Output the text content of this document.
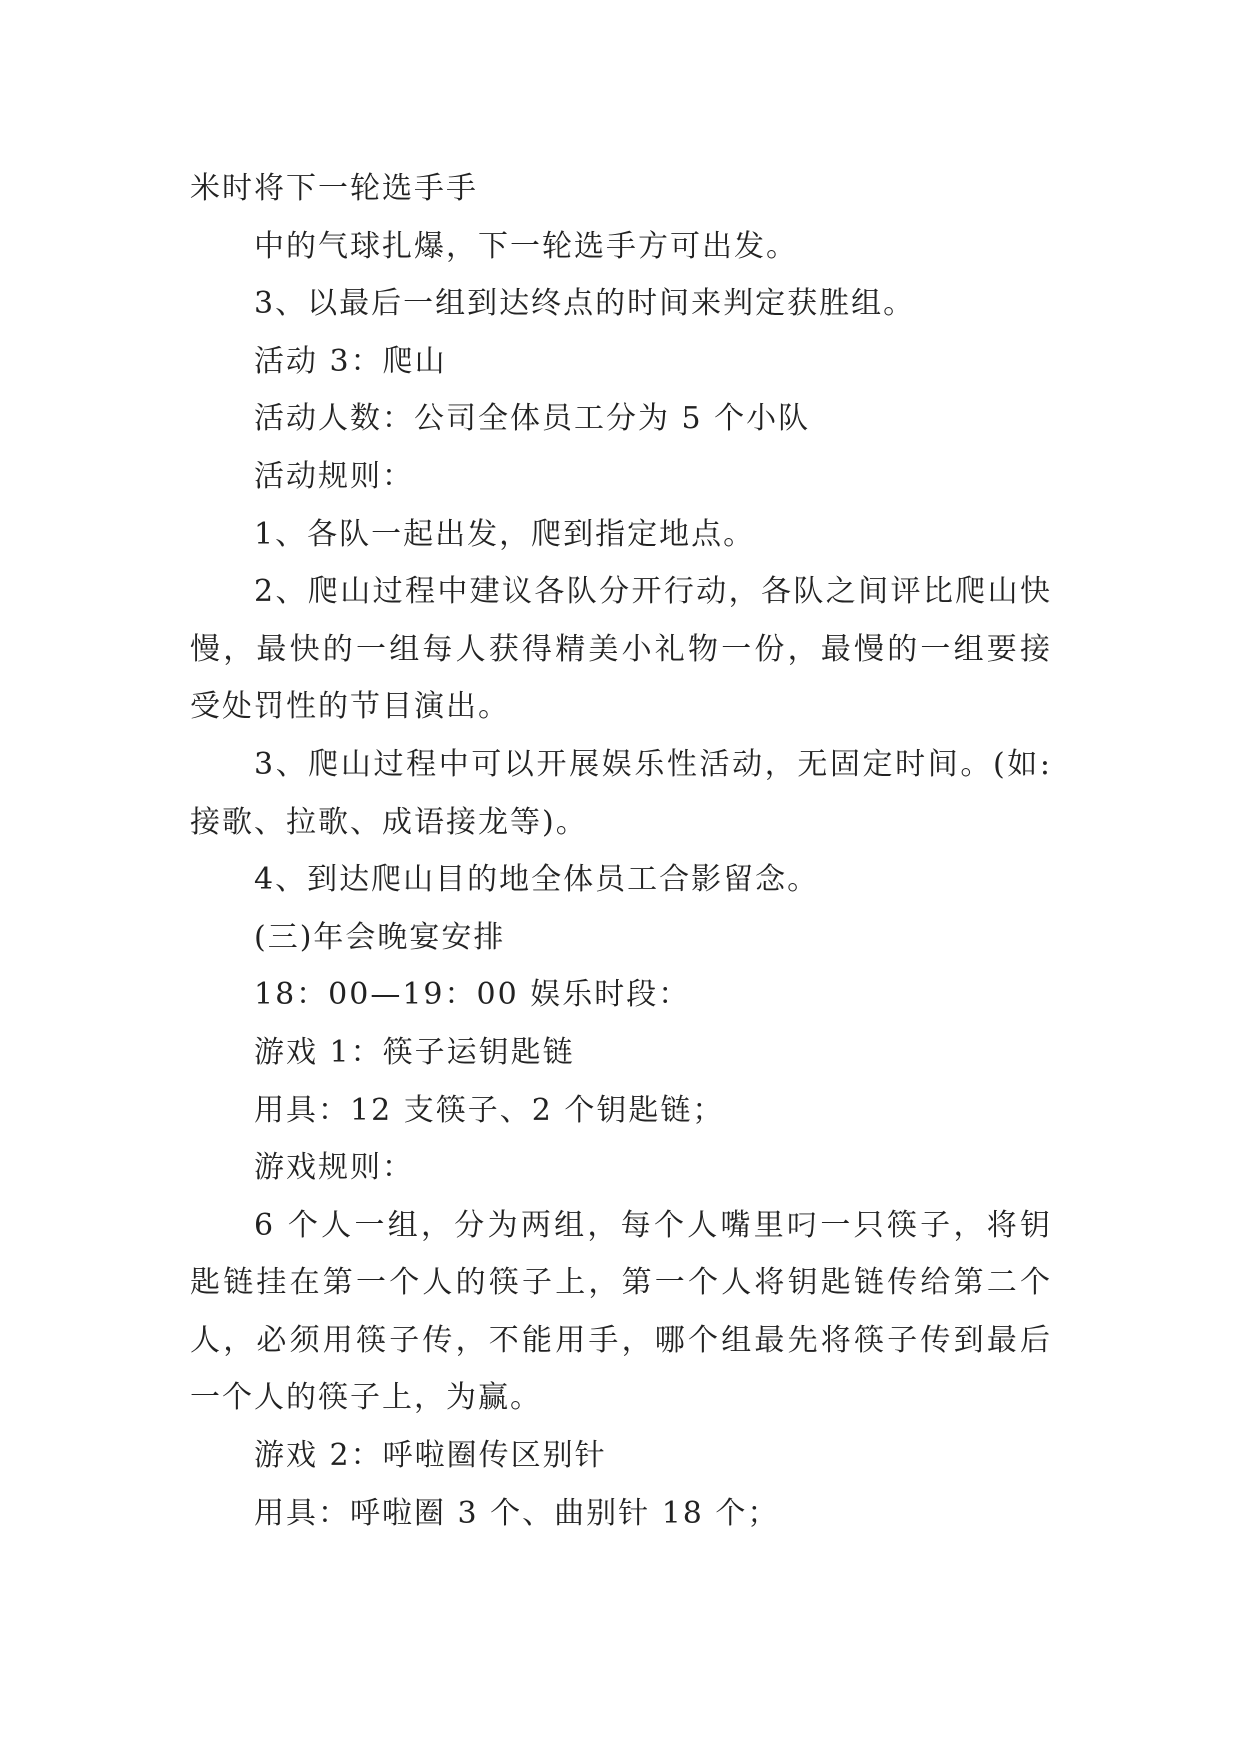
米时将下一轮选手手

中的气球扎爆，下一轮选手方可出发。

3、以最后一组到达终点的时间来判定获胜组。

活动 3：爬山

活动人数：公司全体员工分为 5 个小队

活动规则：

1、各队一起出发，爬到指定地点。

2、爬山过程中建议各队分开行动，各队之间评比爬山快慢，最快的一组每人获得精美小礼物一份，最慢的一组要接受处罚性的节目演出。

3、爬山过程中可以开展娱乐性活动，无固定时间。(如:接歌、拉歌、成语接龙等)。

4、到达爬山目的地全体员工合影留念。

(三)年会晚宴安排

18：00—19：00 娱乐时段：

游戏 1：筷子运钥匙链

用具：12 支筷子、2 个钥匙链；

游戏规则：

6 个人一组，分为两组，每个人嘴里叼一只筷子，将钥匙链挂在第一个人的筷子上，第一个人将钥匙链传给第二个人，必须用筷子传，不能用手，哪个组最先将筷子传到最后一个人的筷子上，为赢。

游戏 2：呼啦圈传区别针

用具：呼啦圈 3 个、曲别针 18 个；
